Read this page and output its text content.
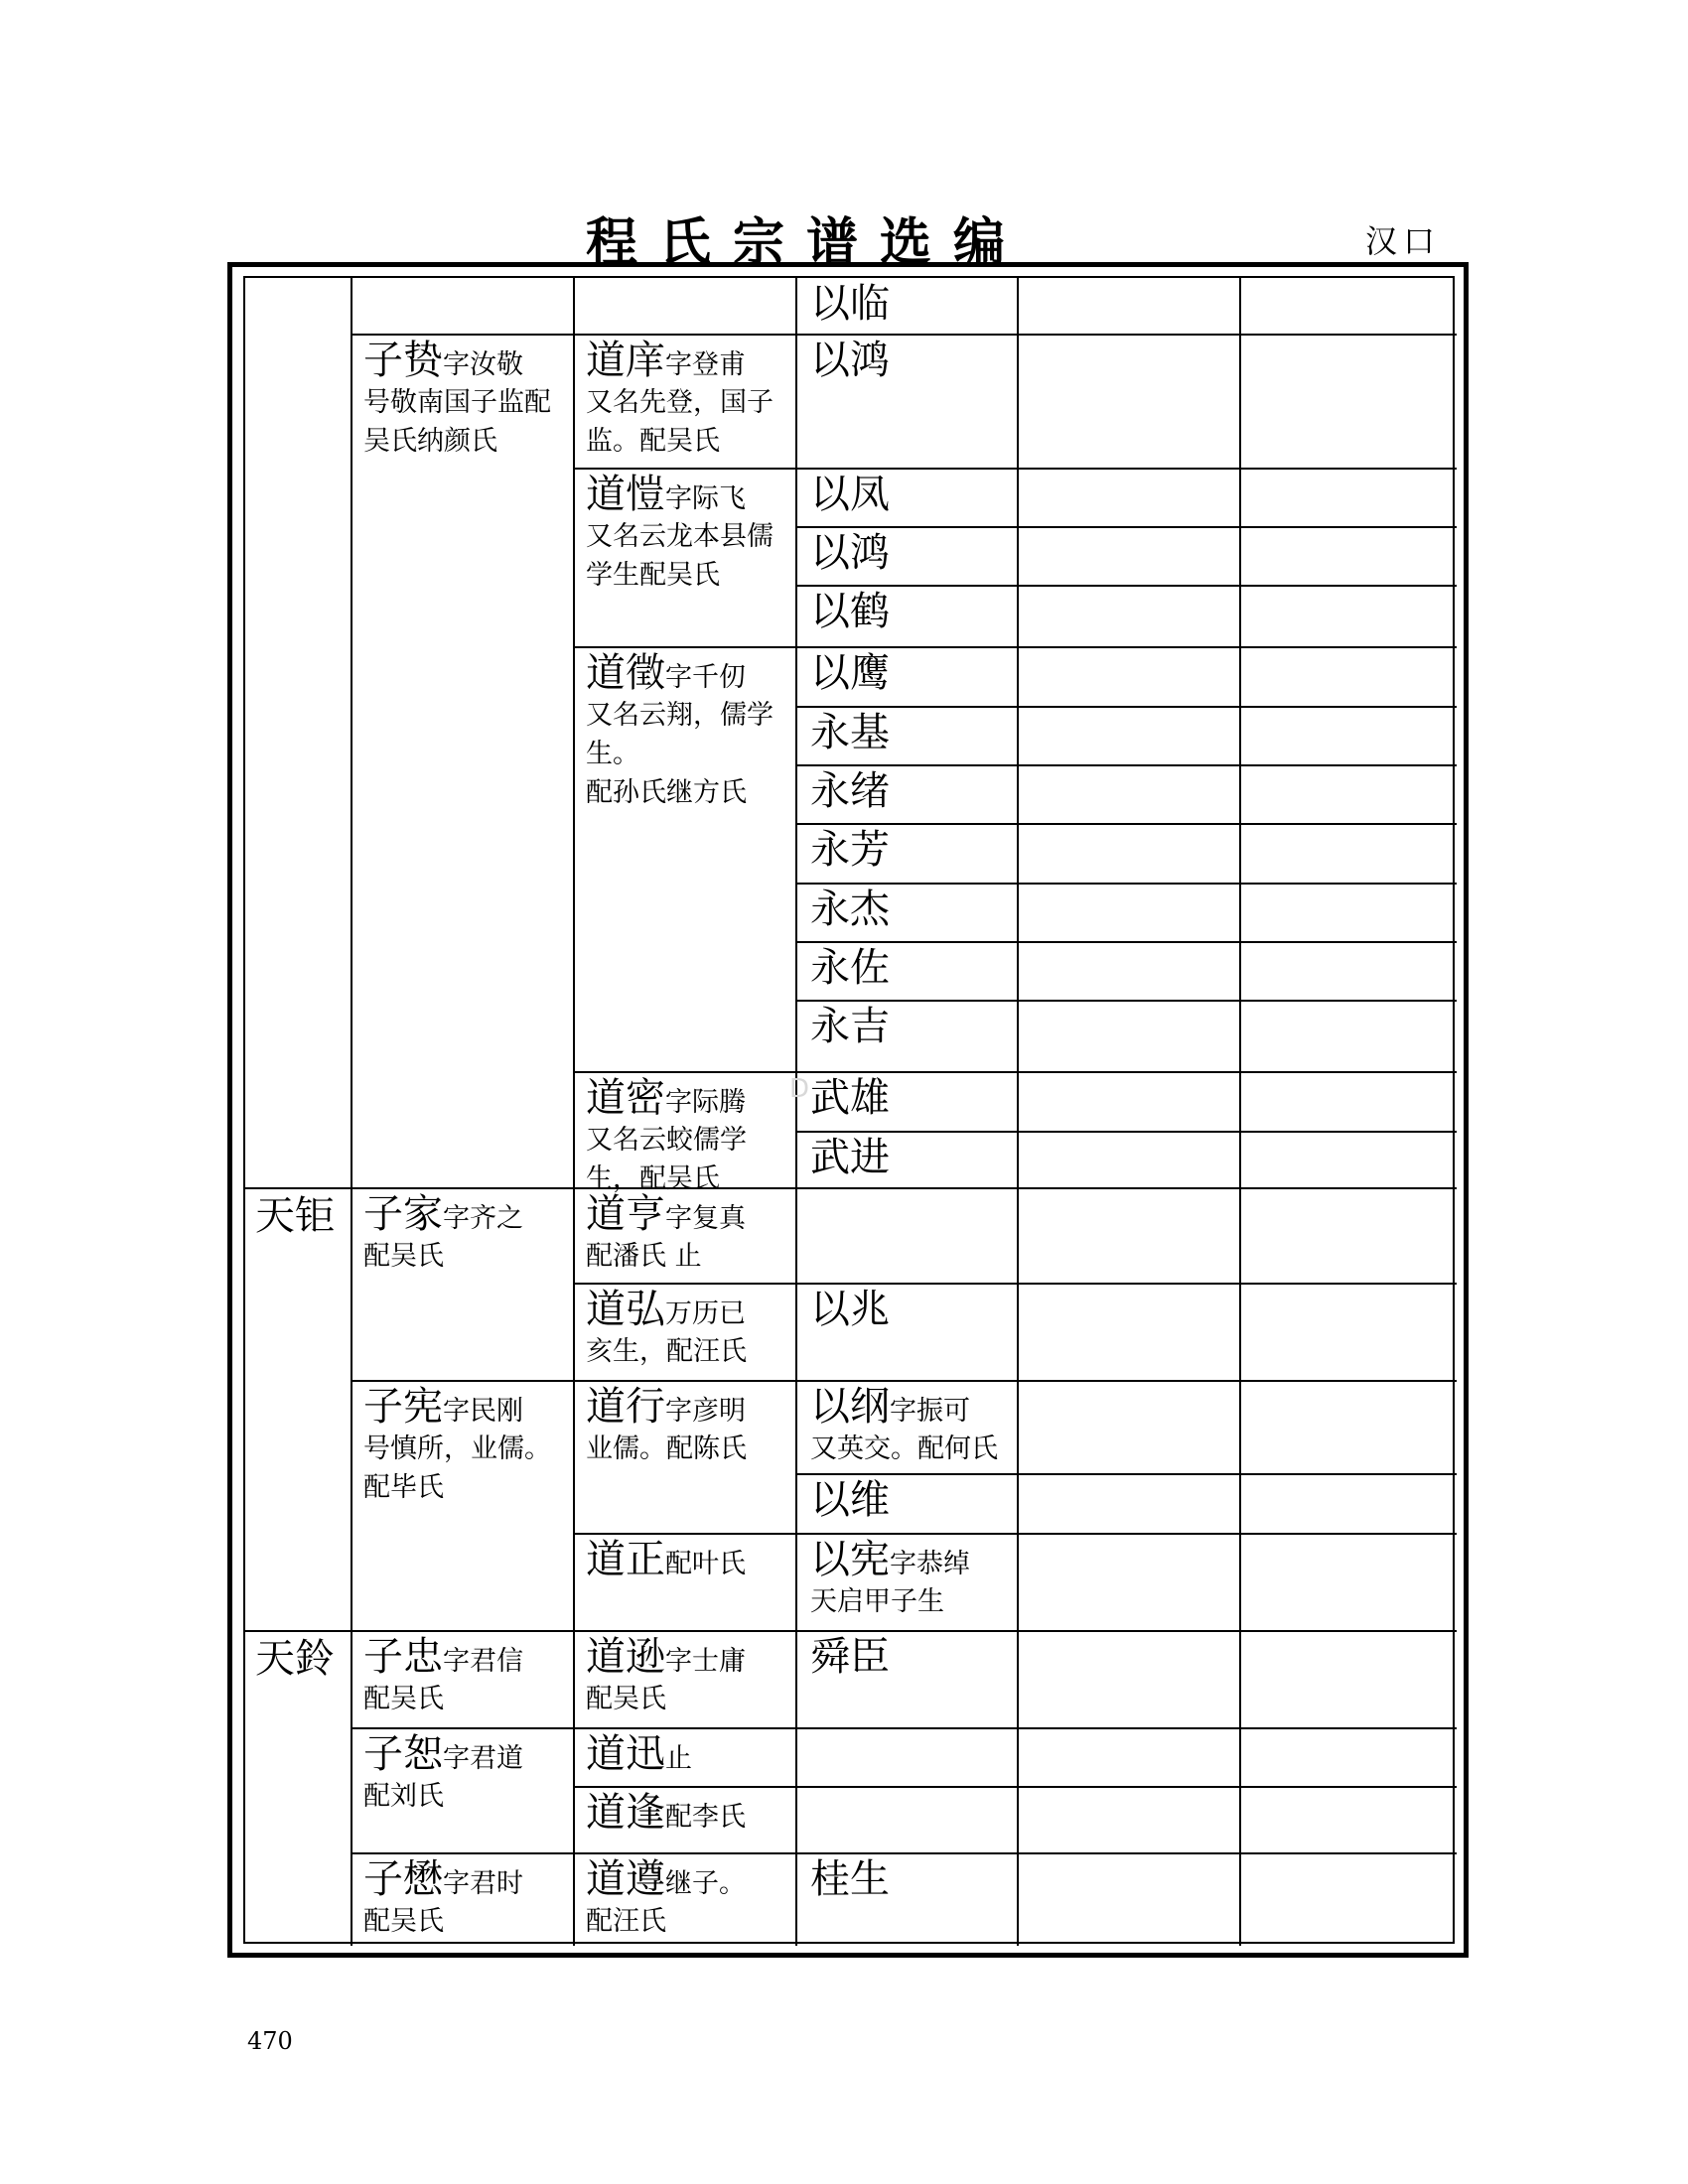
程氏宗谱选编	汉口
天钜
天鈴
子贽字汝敬
号敬南国子监配吴氏纳颜氏
子家字齐之
配吴氏
子宪字民刚
号慎所，业儒。配毕氏
子忠字君信
配吴氏
子恕字君道
配刘氏
子懋字君时
配吴氏
道庠字登甫
又名先登，国子监。配吴氏
道愷字际飞
又名云龙本县儒学生配吴氏
道徵字千仞
又名云翔，儒学生。
配孙氏继方氏
道密字际腾
又名云蛟儒学生，配吴氏
道亨字复真
配潘氏 止
道弘万历已
亥生，配汪氏
道行字彦明
业儒。配陈氏
道正配叶氏
道逊字士庸
配吴氏
道迅止
道逢配李氏
道遵继子。
配汪氏
以临
以鸿
以凤
以鸿
以鹤
以鹰
永基
永绪
永芳
永杰
永佐
永吉
武雄
武进
以兆
以纲字振可
又英交。配何氏
以维
以宪字恭绰
天启甲子生
舜臣
桂生
D
470
